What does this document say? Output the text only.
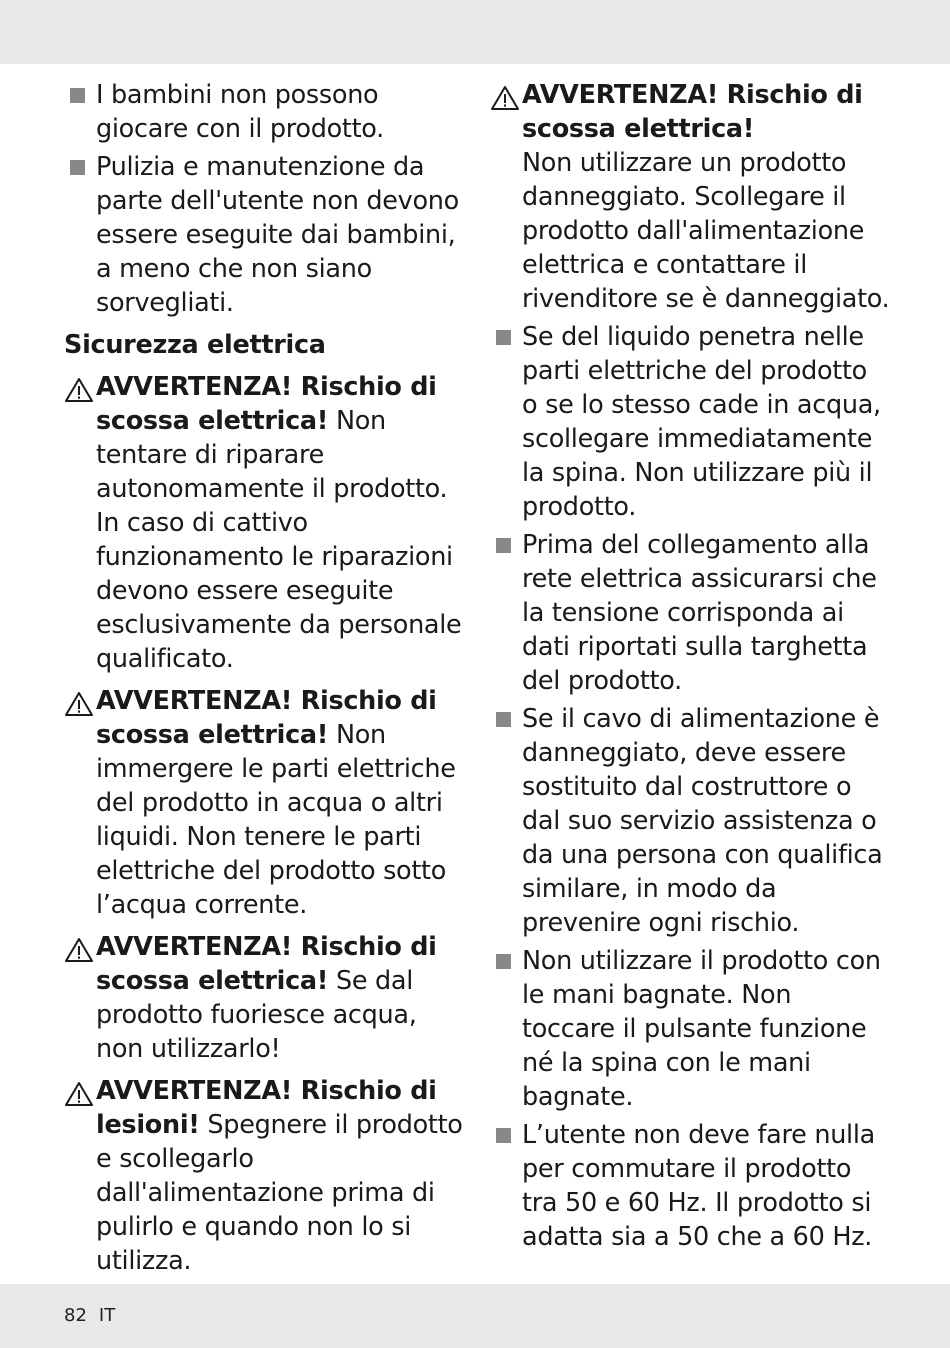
I bambini non possono giocare con il prodotto.
Pulizia e manutenzione da parte dell'utente non devono essere eseguite dai bambini, a meno che non siano sorvegliati.
Sicurezza elettrica
AVVERTENZA! Rischio di scossa elettrica! Non tentare di riparare autonomamente il prodotto.
In caso di cattivo funzionamento le riparazioni devono essere eseguite esclusivamente da personale qualificato.
AVVERTENZA! Rischio di scossa elettrica! Non immergere le parti elettriche del prodotto in acqua o altri liquidi. Non tenere le parti elettriche del prodotto sotto l’acqua corrente.
AVVERTENZA! Rischio di scossa elettrica! Se dal prodotto fuoriesce acqua, non utilizzarlo!
AVVERTENZA! Rischio di lesioni! Spegnere il prodotto e scollegarlo dall'alimentazione prima di pulirlo e quando non lo si utilizza.
AVVERTENZA! Rischio di scossa elettrica!
Non utilizzare un prodotto danneggiato. Scollegare il prodotto dall'alimentazione elettrica e contattare il rivenditore se è danneggiato.
Se del liquido penetra nelle parti elettriche del prodotto o se lo stesso cade in acqua, scollegare immediatamente la spina. Non utilizzare più il prodotto.
Prima del collegamento alla rete elettrica assicurarsi che la tensione corrisponda ai dati riportati sulla targhetta del prodotto.
Se il cavo di alimentazione è danneggiato, deve essere sostituito dal costruttore o dal suo servizio assistenza o da una persona con qualifica similare, in modo da prevenire ogni rischio.
Non utilizzare il prodotto con le mani bagnate. Non toccare il pulsante funzione né la spina con le mani bagnate.
L’utente non deve fare nulla per commutare il prodotto tra 50 e 60 Hz. Il prodotto si adatta sia a 50 che a 60 Hz.
82 IT
